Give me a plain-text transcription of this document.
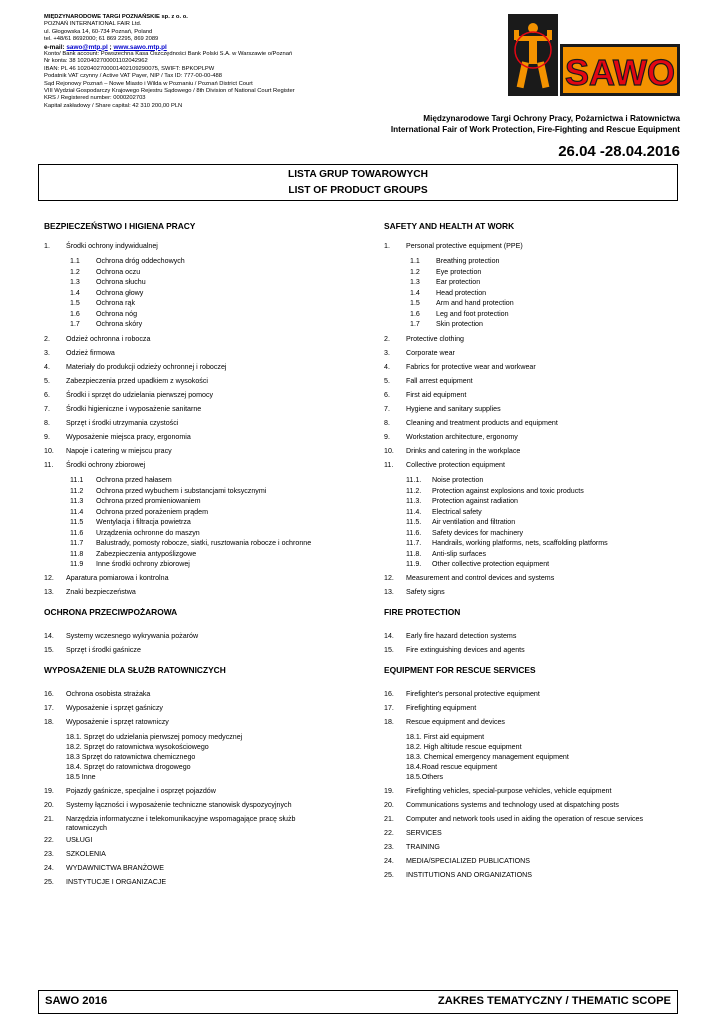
MIĘDZYNARODOWE TARGI POZNAŃSKIE sp. z o. o.
POZNAŃ INTERNATIONAL FAIR Ltd.
ul. Głogowska 14, 60-734 Poznań, Poland
tel. +48/61 8692000; 61 869 2295, 869 2089
e-mail: sawo@mtp.pl ; www.sawo.mtp.pl
Konto/ Bank account: Powszechna Kasa Oszczędności Bank Polski S.A. w Warszawie o/Poznań
Nr konta: 38 1020402700001102042962
IBAN: PL 46 1020402700001402109290075, SWIFT: BPKOPLPW
Podatnik VAT czynny / Active VAT Payer, NIP / Tax ID: 777-00-00-488
Sąd Rejonowy Poznań – Nowe Miasto i Wilda w Poznaniu / Poznań District Court
VIII Wydział Gospodarczy Krajowego Rejestru Sądowego / 8th Division of National Court Register
KRS / Registered number: 0000202703
Kapitał zakładowy / Share capital: 42 310 200,00 PLN
SAWO
Międzynarodowe Targi Ochrony Pracy, Pożarnictwa i Ratownictwa
International Fair of Work Protection, Fire-Fighting and Rescue Equipment
26.04 -28.04.2016
LISTA GRUP TOWAROWYCH
LIST OF PRODUCT GROUPS
BEZPIECZEŃSTWO I HIGIENA PRACY
1. Środki ochrony indywidualnej
1.1 Ochrona dróg oddechowych
1.2 Ochrona oczu
1.3 Ochrona słuchu
1.4 Ochrona głowy
1.5 Ochrona rąk
1.6 Ochrona nóg
1.7 Ochrona skóry
2. Odzież ochronna i robocza
3. Odzież firmowa
4. Materiały do produkcji odzieży ochronnej i roboczej
5. Zabezpieczenia przed upadkiem z wysokości
6. Środki i sprzęt do udzielania pierwszej pomocy
7. Środki higieniczne i wyposażenie sanitarne
8. Sprzęt i środki utrzymania czystości
9. Wyposażenie miejsca pracy, ergonomia
10. Napoje i catering w miejscu pracy
11. Środki ochrony zbiorowej
11.1 Ochrona przed hałasem
11.2 Ochrona przed wybuchem i substancjami toksycznymi
11.3 Ochrona przed promieniowaniem
11.4 Ochrona przed porażeniem prądem
11.5 Wentylacja i filtracja powietrza
11.6 Urządzenia ochronne do maszyn
11.7 Balustrady, pomosty robocze, siatki, rusztowania robocze i ochronne
11.8 Zabezpieczenia antypoślizgowe
11.9 Inne środki ochrony zbiorowej
12. Aparatura pomiarowa i kontrolna
13. Znaki bezpieczeństwa
OCHRONA PRZECIWPOŻAROWA
14. Systemy wczesnego wykrywania pożarów
15. Sprzęt i środki gaśnicze
WYPOSAŻENIE DLA SŁUŻB RATOWNICZYCH
16. Ochrona osobista strażaka
17. Wyposażenie i sprzęt gaśniczy
18. Wyposażenie i sprzęt ratowniczy
18.1. Sprzęt do udzielania pierwszej pomocy medycznej
18.2. Sprzęt do ratownictwa wysokościowego
18.3 Sprzęt do ratownictwa chemicznego
18.4. Sprzęt do ratownictwa drogowego
18.5 Inne
19. Pojazdy gaśnicze, specjalne i osprzęt pojazdów
20. Systemy łączności i wyposażenie techniczne stanowisk dyspozycyjnych
21. Narzędzia informatyczne i telekomunikacyjne wspomagające pracę służb ratowniczych
22. USŁUGI
23. SZKOLENIA
24. WYDAWNICTWA BRANŻOWE
25. INSTYTUCJE I ORGANIZACJE
SAFETY AND HEALTH AT WORK
1. Personal protective equipment (PPE)
1.1 Breathing protection
1.2 Eye protection
1.3 Ear protection
1.4 Head protection
1.5 Arm and hand protection
1.6 Leg and foot protection
1.7 Skin protection
2. Protective clothing
3. Corporate wear
4. Fabrics for protective wear and workwear
5. Fall arrest equipment
6. First aid equipment
7. Hygiene and sanitary supplies
8. Cleaning and treatment products and equipment
9. Workstation architecture, ergonomy
10. Drinks and catering in the workplace
11. Collective protection equipment
11.1. Noise protection
11.2. Protection against explosions and toxic products
11.3. Protection against radiation
11.4. Electrical safety
11.5. Air ventilation and filtration
11.6. Safety devices for machinery
11.7. Handrails, working platforms, nets, scaffolding platforms
11.8. Anti-slip surfaces
11.9. Other collective protection equipment
12. Measurement and control devices and systems
13. Safety signs
FIRE PROTECTION
14. Early fire hazard detection systems
15. Fire extinguishing devices and agents
EQUIPMENT FOR RESCUE SERVICES
16. Firefighter's personal protective equipment
17. Firefighting equipment
18. Rescue equipment and devices
18.1. First aid equipment
18.2. High altitude rescue equipment
18.3. Chemical emergency management equipment
18.4.Road rescue equipment
18.5.Others
19. Firefighting vehicles, special-purpose vehicles, vehicle equipment
20. Communications systems and technology used at dispatching posts
21. Computer and network tools used in aiding the operation of rescue services
22. SERVICES
23. TRAINING
24. MEDIA/SPECIALIZED PUBLICATIONS
25. INSTITUTIONS AND ORGANIZATIONS
SAWO 2016	ZAKRES TEMATYCZNY / THEMATIC SCOPE
